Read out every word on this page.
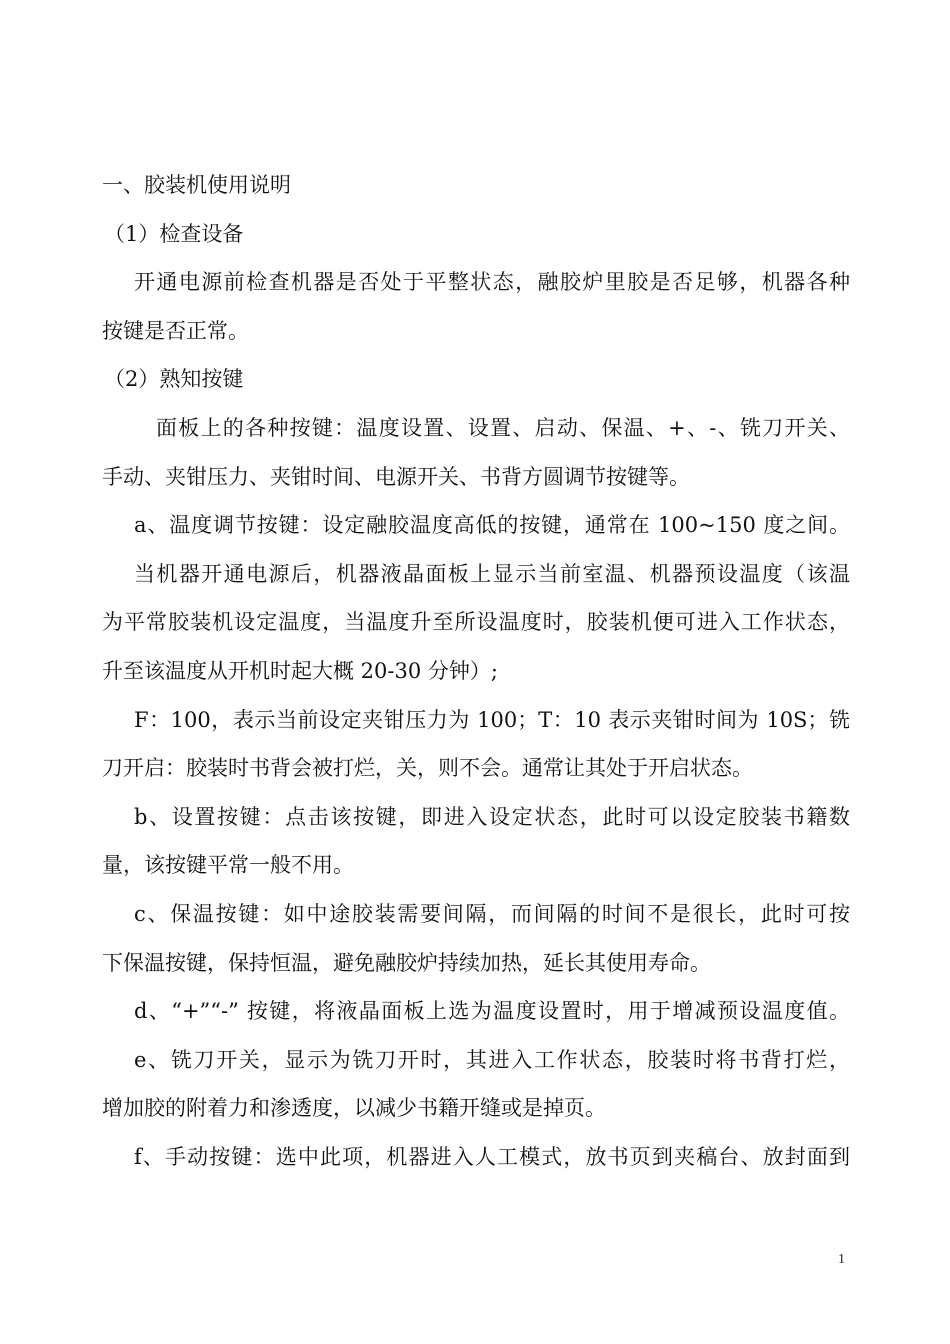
一、胶装机使用说明
（1）检查设备
开通电源前检查机器是否处于平整状态，融胶炉里胶是否足够，机器各种
按键是否正常。
（2）熟知按键
面板上的各种按键：温度设置、设置、启动、保温、+、-、铣刀开关、
手动、夹钳压力、夹钳时间、电源开关、书背方圆调节按键等。
a、温度调节按键：设定融胶温度高低的按键，通常在 100~150 度之间。
当机器开通电源后，机器液晶面板上显示当前室温、机器预设温度（该温
为平常胶装机设定温度，当温度升至所设温度时，胶装机便可进入工作状态，
升至该温度从开机时起大概 20-30 分钟）;
F：100，表示当前设定夹钳压力为 100；T：10 表示夹钳时间为 10S；铣
刀开启：胶装时书背会被打烂，关，则不会。通常让其处于开启状态。
b、设置按键：点击该按键，即进入设定状态，此时可以设定胶装书籍数
量，该按键平常一般不用。
c、保温按键：如中途胶装需要间隔，而间隔的时间不是很长，此时可按
下保温按键，保持恒温，避免融胶炉持续加热，延长其使用寿命。
d、“+”“-” 按键，将液晶面板上选为温度设置时，用于增减预设温度值。
e、铣刀开关，显示为铣刀开时，其进入工作状态，胶装时将书背打烂，
增加胶的附着力和渗透度，以减少书籍开缝或是掉页。
f、手动按键：选中此项，机器进入人工模式，放书页到夹稿台、放封面到
1
